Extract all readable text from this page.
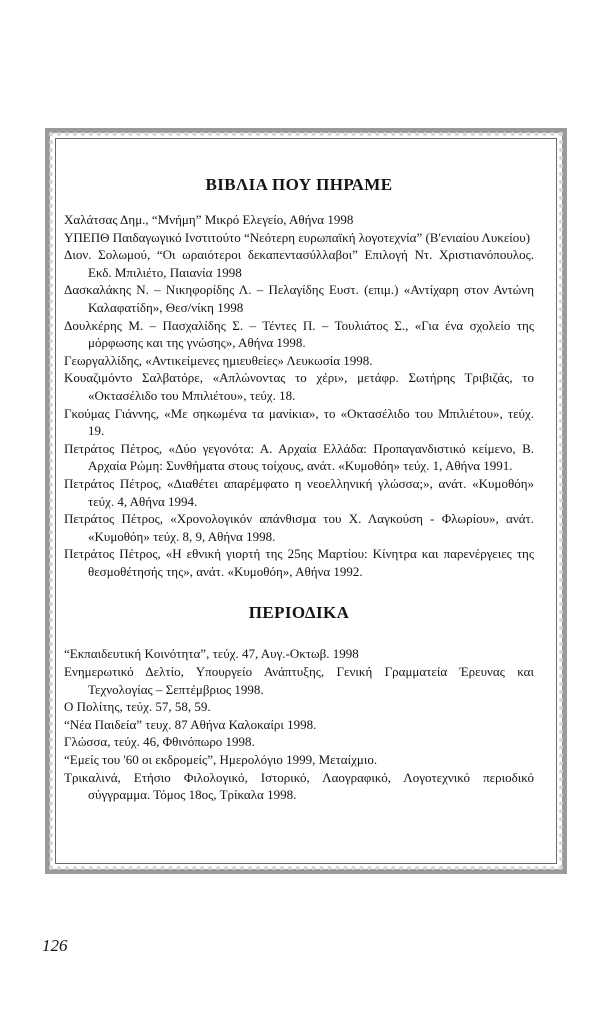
ΒΙΒΛΙΑ ΠΟΥ ΠΗΡΑΜΕ

Χαλάτσας Δημ., “Μνήμη” Μικρό Ελεγείο, Αθήνα 1998

ΥΠΕΠΘ Παιδαγωγικό Ινστιτούτο “Νεότερη ευρωπαϊκή λογοτεχνία” (Β'ενιαίου Λυκείου)

Διον. Σολωμού, “Οι ωραιότεροι δεκαπεντασύλλαβοι” Επιλογή Ντ. Χριστιανόπουλος. Εκδ. Μπιλιέτο, Παιανία 1998

Δασκαλάκης Ν. – Νικηφορίδης Λ. – Πελαγίδης Ευστ. (επιμ.) «Αντίχαρη στον Αντώνη Καλαφατίδη», Θεσ/νίκη 1998

Δουλκέρης Μ. – Πασχαλίδης Σ. – Τέντες Π. – Τουλιάτος Σ., «Για ένα σχολείο της μόρφωσης και της γνώσης», Αθήνα 1998.

Γεωργαλλίδης, «Αντικείμενες ημιευθείες» Λευκωσία 1998.

Κουαζιμόντο Σαλβατόρε, «Απλώνοντας το χέρι», μετάφρ. Σωτήρης Τριβιζάς, το «Οκτασέλιδο του Μπιλιέτου», τεύχ. 18.

Γκούμας Γιάννης, «Με σηκωμένα τα μανίκια», το «Οκτασέλιδο του Μπιλιέτου», τεύχ. 19.

Πετράτος Πέτρος, «Δύο γεγονότα: Α. Αρχαία Ελλάδα: Προπαγανδιστικό κείμενο, Β. Αρχαία Ρώμη: Συνθήματα στους τοίχους, ανάτ. «Κυμοθόη» τεύχ. 1, Αθήνα 1991.

Πετράτος Πέτρος, «Διαθέτει απαρέμφατο η νεοελληνική γλώσσα;», ανάτ. «Κυμοθόη» τεύχ. 4, Αθήνα 1994.

Πετράτος Πέτρος, «Χρονολογικόν απάνθισμα του Χ. Λαγκούση - Φλωρίου», ανάτ. «Κυμοθόη» τεύχ. 8, 9, Αθήνα 1998.

Πετράτος Πέτρος, «Η εθνική γιορτή της 25ης Μαρτίου: Κίνητρα και παρενέργειες της θεσμοθέτησής της», ανάτ. «Κυμοθόη», Αθήνα 1992.

ΠΕΡΙΟΔΙΚΑ

“Εκπαιδευτική Κοινότητα”, τεύχ. 47, Αυγ.-Οκτωβ. 1998

Ενημερωτικό Δελτίο, Υπουργείο Ανάπτυξης, Γενική Γραμματεία Έρευνας και Τεχνολογίας – Σεπτέμβριος 1998.

Ο Πολίτης, τεύχ. 57, 58, 59.

“Νέα Παιδεία” τευχ. 87 Αθήνα Καλοκαίρι 1998.

Γλώσσα, τεύχ. 46, Φθινόπωρο 1998.

“Εμείς του '60 οι εκδρομείς”, Ημερολόγιο 1999, Μεταίχμιο.

Τρικαλινά, Ετήσιο Φιλολογικό, Ιστορικό, Λαογραφικό, Λογοτεχνικό περιοδικό σύγγραμμα. Τόμος 18ος, Τρίκαλα 1998.

126
